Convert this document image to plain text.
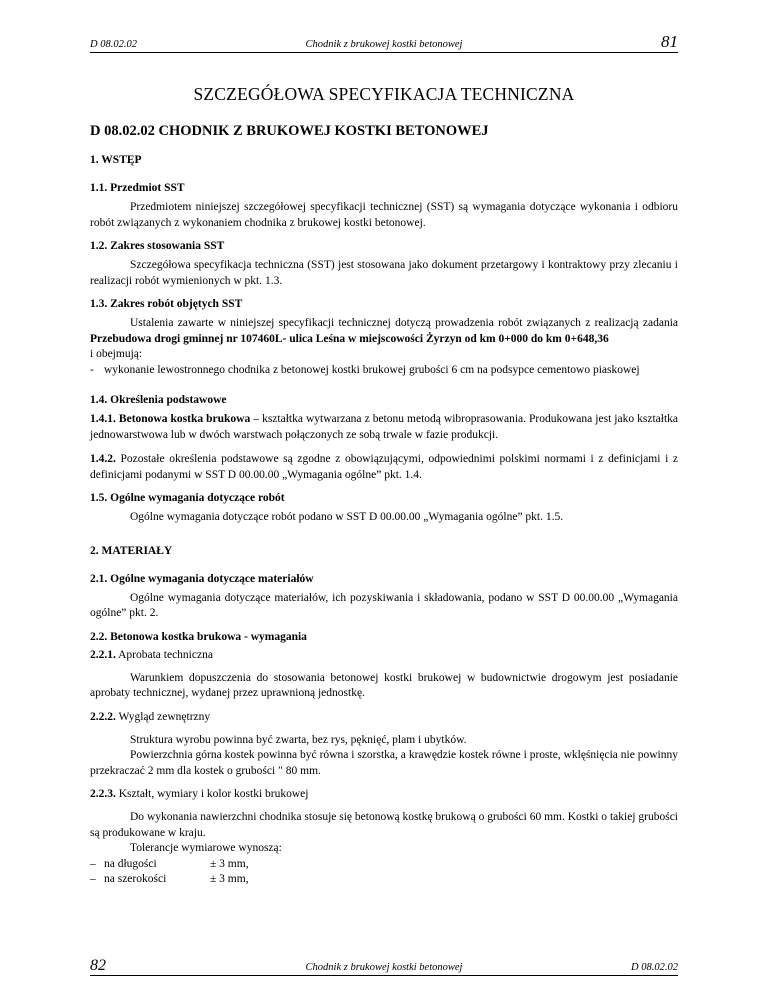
D 08.02.02	Chodnik z brukowej kostki betonowej	81
SZCZEGÓŁOWA SPECYFIKACJA TECHNICZNA
D 08.02.02 CHODNIK Z BRUKOWEJ KOSTKI BETONOWEJ
1. WSTĘP
1.1. Przedmiot SST

Przedmiotem niniejszej szczegółowej specyfikacji technicznej (SST) są wymagania dotyczące wykonania i odbioru robót związanych z wykonaniem chodnika z brukowej kostki betonowej.

1.2. Zakres stosowania SST

Szczegółowa specyfikacja techniczna (SST) jest stosowana jako dokument przetargowy i kontraktowy przy zlecaniu i realizacji robót wymienionych w pkt. 1.3.

1.3. Zakres robót objętych SST

Ustalenia zawarte w niniejszej specyfikacji technicznej dotyczą prowadzenia robót związanych z realizacją zadania Przebudowa drogi gminnej nr 107460L- ulica Leśna w miejscowości Żyrzyn od km 0+000 do km 0+648,36

i obejmują:

- wykonanie lewostronnego chodnika z betonowej kostki brukowej grubości 6 cm na podsypce cementowo piaskowej
1.4. Określenia podstawowe

1.4.1. Betonowa kostka brukowa – kształtka wytwarzana z betonu metodą wibroprasowania. Produkowana jest jako kształtka jednowarstwowa lub w dwóch warstwach połączonych ze sobą trwale w fazie produkcji.

1.4.2. Pozostałe określenia podstawowe są zgodne z obowiązującymi, odpowiednimi polskimi normami i z definicjami i z definicjami podanymi w SST D 00.00.00 „Wymagania ogólne” pkt. 1.4.

1.5. Ogólne wymagania dotyczące robót

Ogólne wymagania dotyczące robót podano w SST D 00.00.00 „Wymagania ogólne” pkt. 1.5.

2. MATERIAŁY
2.1. Ogólne wymagania dotyczące materiałów

Ogólne wymagania dotyczące materiałów, ich pozyskiwania i składowania, podano w SST D 00.00.00 „Wymagania ogólne” pkt. 2.

2.2. Betonowa kostka brukowa - wymagania
2.2.1. Aprobata techniczna

Warunkiem dopuszczenia do stosowania betonowej kostki brukowej w budownictwie drogowym jest posiadanie aprobaty technicznej, wydanej przez uprawnioną jednostkę.

2.2.2. Wygląd zewnętrzny

Struktura wyrobu powinna być zwarta, bez rys, pęknięć, plam i ubytków.

Powierzchnia górna kostek powinna być równa i szorstka, a krawędzie kostek równe i proste, wklęśnięcia nie powinny przekraczać 2 mm dla kostek o grubości ″ 80 mm.

2.2.3. Kształt, wymiary i kolor kostki brukowej

Do wykonania nawierzchni chodnika stosuje się betonową kostkę brukową o grubości 60 mm. Kostki o takiej grubości są produkowane w kraju.

Tolerancje wymiarowe wynoszą:

– na długości	± 3 mm,
– na szerokości	± 3 mm,
82	Chodnik z brukowej kostki betonowej	D 08.02.02
